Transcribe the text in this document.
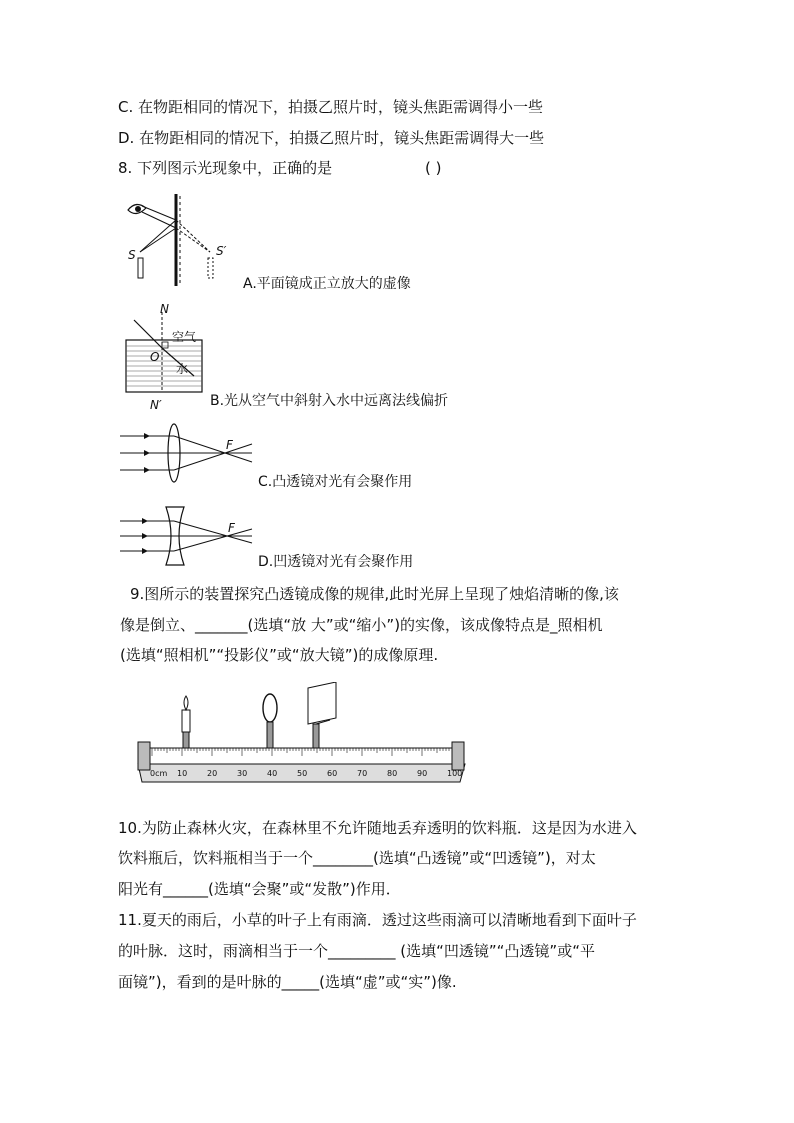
C. 在物距相同的情况下，拍摄乙照片时，镜头焦距需调得小一些
D. 在物距相同的情况下，拍摄乙照片时，镜头焦距需调得大一些
8. 下列图示光现象中，正确的是	( )
S	S′
A.平面镜成正立放大的虚像
N
N′
O
空气
水
B.光从空气中斜射入水中远离法线偏折
F
C.凸透镜对光有会聚作用
F
D.凹透镜对光有会聚作用
9.图所示的装置探究凸透镜成像的规律,此时光屏上呈现了烛焰清晰的像,该
像是倒立、_______(选填“放 大”或“缩小”)的实像，该成像特点是_照相机
(选填“照相机”“投影仪”或“放大镜”)的成像原理.
0cm 10 20 30 40 50 60 70 80 90 100
10.为防止森林火灾，在森林里不允许随地丢弃透明的饮料瓶．这是因为水进入
饮料瓶后，饮料瓶相当于一个________(选填“凸透镜”或“凹透镜”)，对太
阳光有______(选填“会聚”或“发散”)作用．
11.夏天的雨后，小草的叶子上有雨滴．透过这些雨滴可以清晰地看到下面叶子
的叶脉．这时，雨滴相当于一个_________ (选填“凹透镜”“凸透镜”或“平
面镜”)，看到的是叶脉的_____(选填“虚”或“实”)像.
